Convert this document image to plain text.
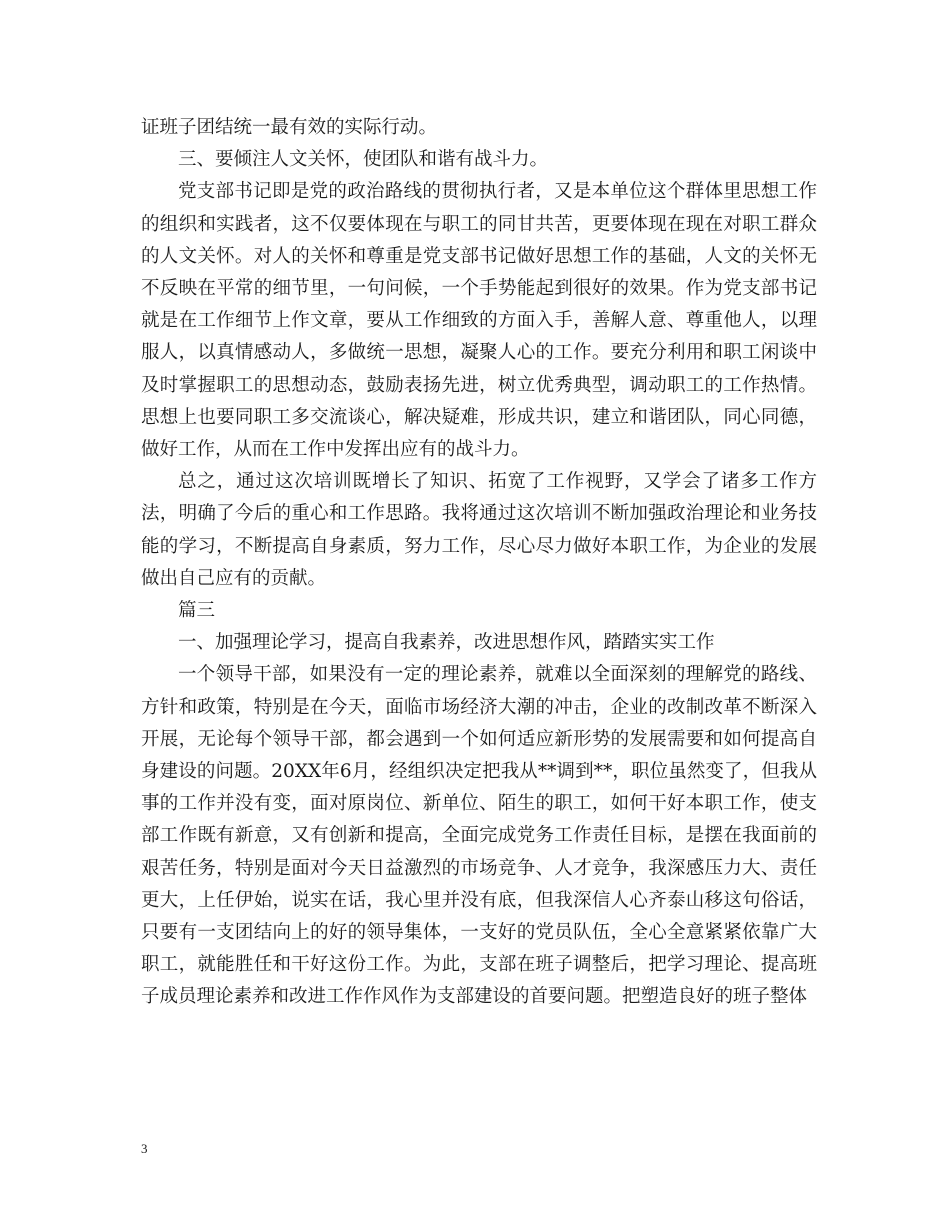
证班子团结统一最有效的实际行动。

三、要倾注人文关怀，使团队和谐有战斗力。

党支部书记即是党的政治路线的贯彻执行者，又是本单位这个群体里思想工作的组织和实践者，这不仅要体现在与职工的同甘共苦，更要体现在现在对职工群众的人文关怀。对人的关怀和尊重是党支部书记做好思想工作的基础，人文的关怀无不反映在平常的细节里，一句问候，一个手势能起到很好的效果。作为党支部书记就是在工作细节上作文章，要从工作细致的方面入手，善解人意、尊重他人，以理服人，以真情感动人，多做统一思想，凝聚人心的工作。要充分利用和职工闲谈中及时掌握职工的思想动态，鼓励表扬先进，树立优秀典型，调动职工的工作热情。思想上也要同职工多交流谈心，解决疑难，形成共识，建立和谐团队，同心同德，做好工作，从而在工作中发挥出应有的战斗力。

总之，通过这次培训既增长了知识、拓宽了工作视野，又学会了诸多工作方法，明确了今后的重心和工作思路。我将通过这次培训不断加强政治理论和业务技能的学习，不断提高自身素质，努力工作，尽心尽力做好本职工作，为企业的发展做出自己应有的贡献。

篇三

一、加强理论学习，提高自我素养，改进思想作风，踏踏实实工作

一个领导干部，如果没有一定的理论素养，就难以全面深刻的理解党的路线、方针和政策，特别是在今天，面临市场经济大潮的冲击，企业的改制改革不断深入开展，无论每个领导干部，都会遇到一个如何适应新形势的发展需要和如何提高自身建设的问题。20XX年6月，经组织决定把我从**调到**，职位虽然变了，但我从事的工作并没有变，面对原岗位、新单位、陌生的职工，如何干好本职工作，使支部工作既有新意，又有创新和提高，全面完成党务工作责任目标，是摆在我面前的艰苦任务，特别是面对今天日益激烈的市场竞争、人才竞争，我深感压力大、责任更大，上任伊始，说实在话，我心里并没有底，但我深信人心齐泰山移这句俗话，只要有一支团结向上的好的领导集体，一支好的党员队伍，全心全意紧紧依靠广大职工，就能胜任和干好这份工作。为此，支部在班子调整后，把学习理论、提高班子成员理论素养和改进工作作风作为支部建设的首要问题。把塑造良好的班子整体

3
